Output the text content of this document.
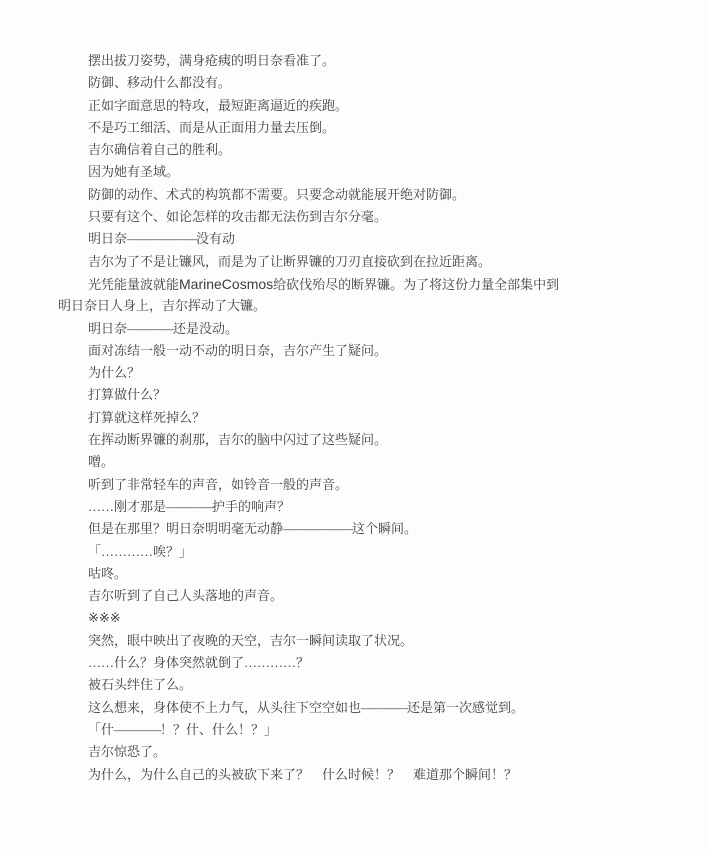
摆出拔刀姿势，满身疮痍的明日奈看准了。
防御、移动什么都没有。
正如字面意思的特攻，最短距离逼近的疾跑。
不是巧工细活、而是从正面用力量去压倒。
吉尔确信着自己的胜利。
因为她有圣域。
防御的动作、术式的构筑都不需要。只要念动就能展开绝对防御。
只要有这个、如论怎样的攻击都无法伤到吉尔分毫。
明日奈——————没有动
吉尔为了不是让镰风，而是为了让断界镰的刀刃直接砍到在拉近距离。
光凭能量波就能MarineCosmos给砍伐殆尽的断界镰。为了将这份力量全部集中到
明日奈日人身上，吉尔挥动了大镰。
明日奈————还是没动。
面对冻结一般一动不动的明日奈，吉尔产生了疑问。
为什么？
打算做什么？
打算就这样死掉么？
在挥动断界镰的刹那，吉尔的脑中闪过了这些疑问。
噌。
听到了非常轻车的声音，如铃音一般的声音。
……刚才那是————护手的响声？
但是在那里？明日奈明明毫无动静——————这个瞬间。
「…………唉？」
咕咚。
吉尔听到了自己人头落地的声音。
※※※
突然，眼中映出了夜晚的天空，吉尔一瞬间读取了状况。
……什么？身体突然就倒了…………？
被石头绊住了么。
这么想来，身体使不上力气，从头往下空空如也————还是第一次感觉到。
「什————！？什、什么！？」
吉尔惊恐了。
为什么，为什么自己的头被砍下来了？　什么时候！？　难道那个瞬间！？
